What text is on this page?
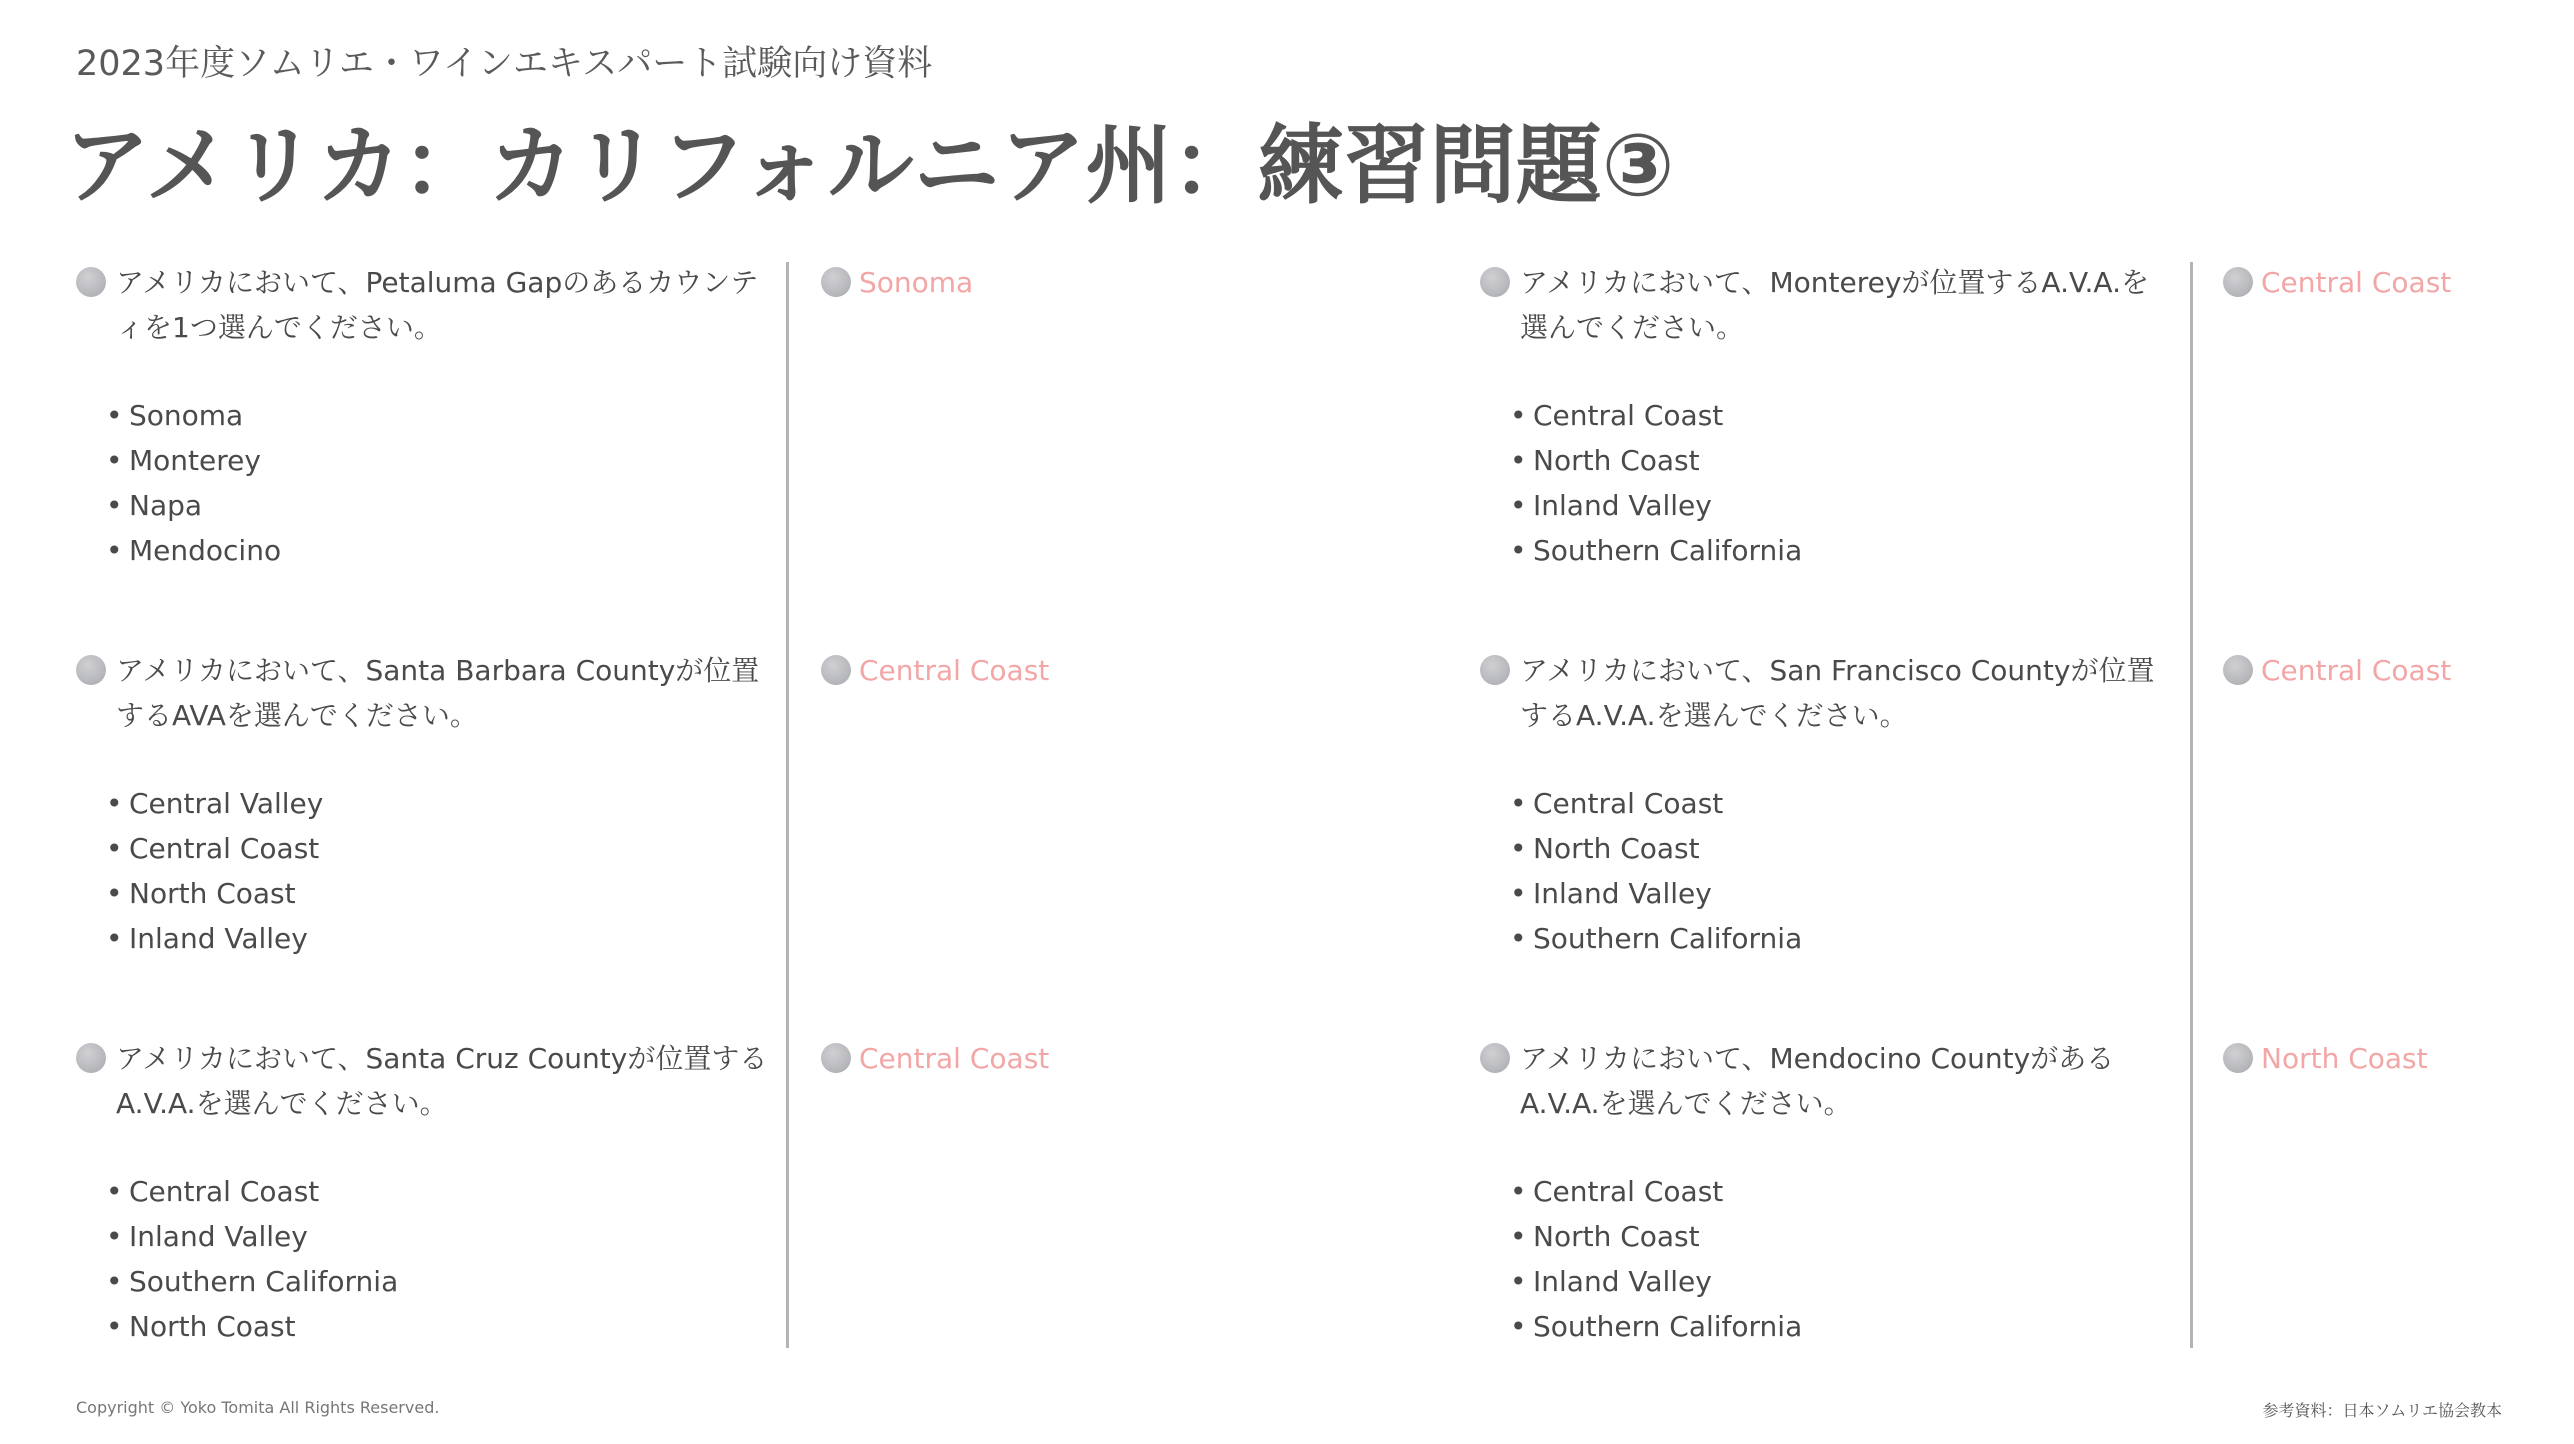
2023年度ソムリエ・ワインエキスパート試験向け資料
アメリカ：カリフォルニア州：練習問題③
アメリカにおいて、Petaluma Gapのあるカウンティを1つ選んでください。
• Sonoma
• Monterey
• Napa
• Mendocino
Sonoma
アメリカにおいて、Santa Barbara Countyが位置するAVAを選んでください。
• Central Valley
• Central Coast
• North Coast
• Inland Valley
Central Coast
アメリカにおいて、Santa Cruz Countyが位置するA.V.A.を選んでください。
• Central Coast
• Inland Valley
• Southern California
• North Coast
Central Coast
アメリカにおいて、Montereyが位置するA.V.A.を選んでください。
• Central Coast
• North Coast
• Inland Valley
• Southern California
Central Coast
アメリカにおいて、San Francisco Countyが位置するA.V.A.を選んでください。
• Central Coast
• North Coast
• Inland Valley
• Southern California
Central Coast
アメリカにおいて、Mendocino CountyがあるA.V.A.を選んでください。
• Central Coast
• North Coast
• Inland Valley
• Southern California
North Coast
Copyright © Yoko Tomita All Rights Reserved.	参考資料：日本ソムリエ協会教本
